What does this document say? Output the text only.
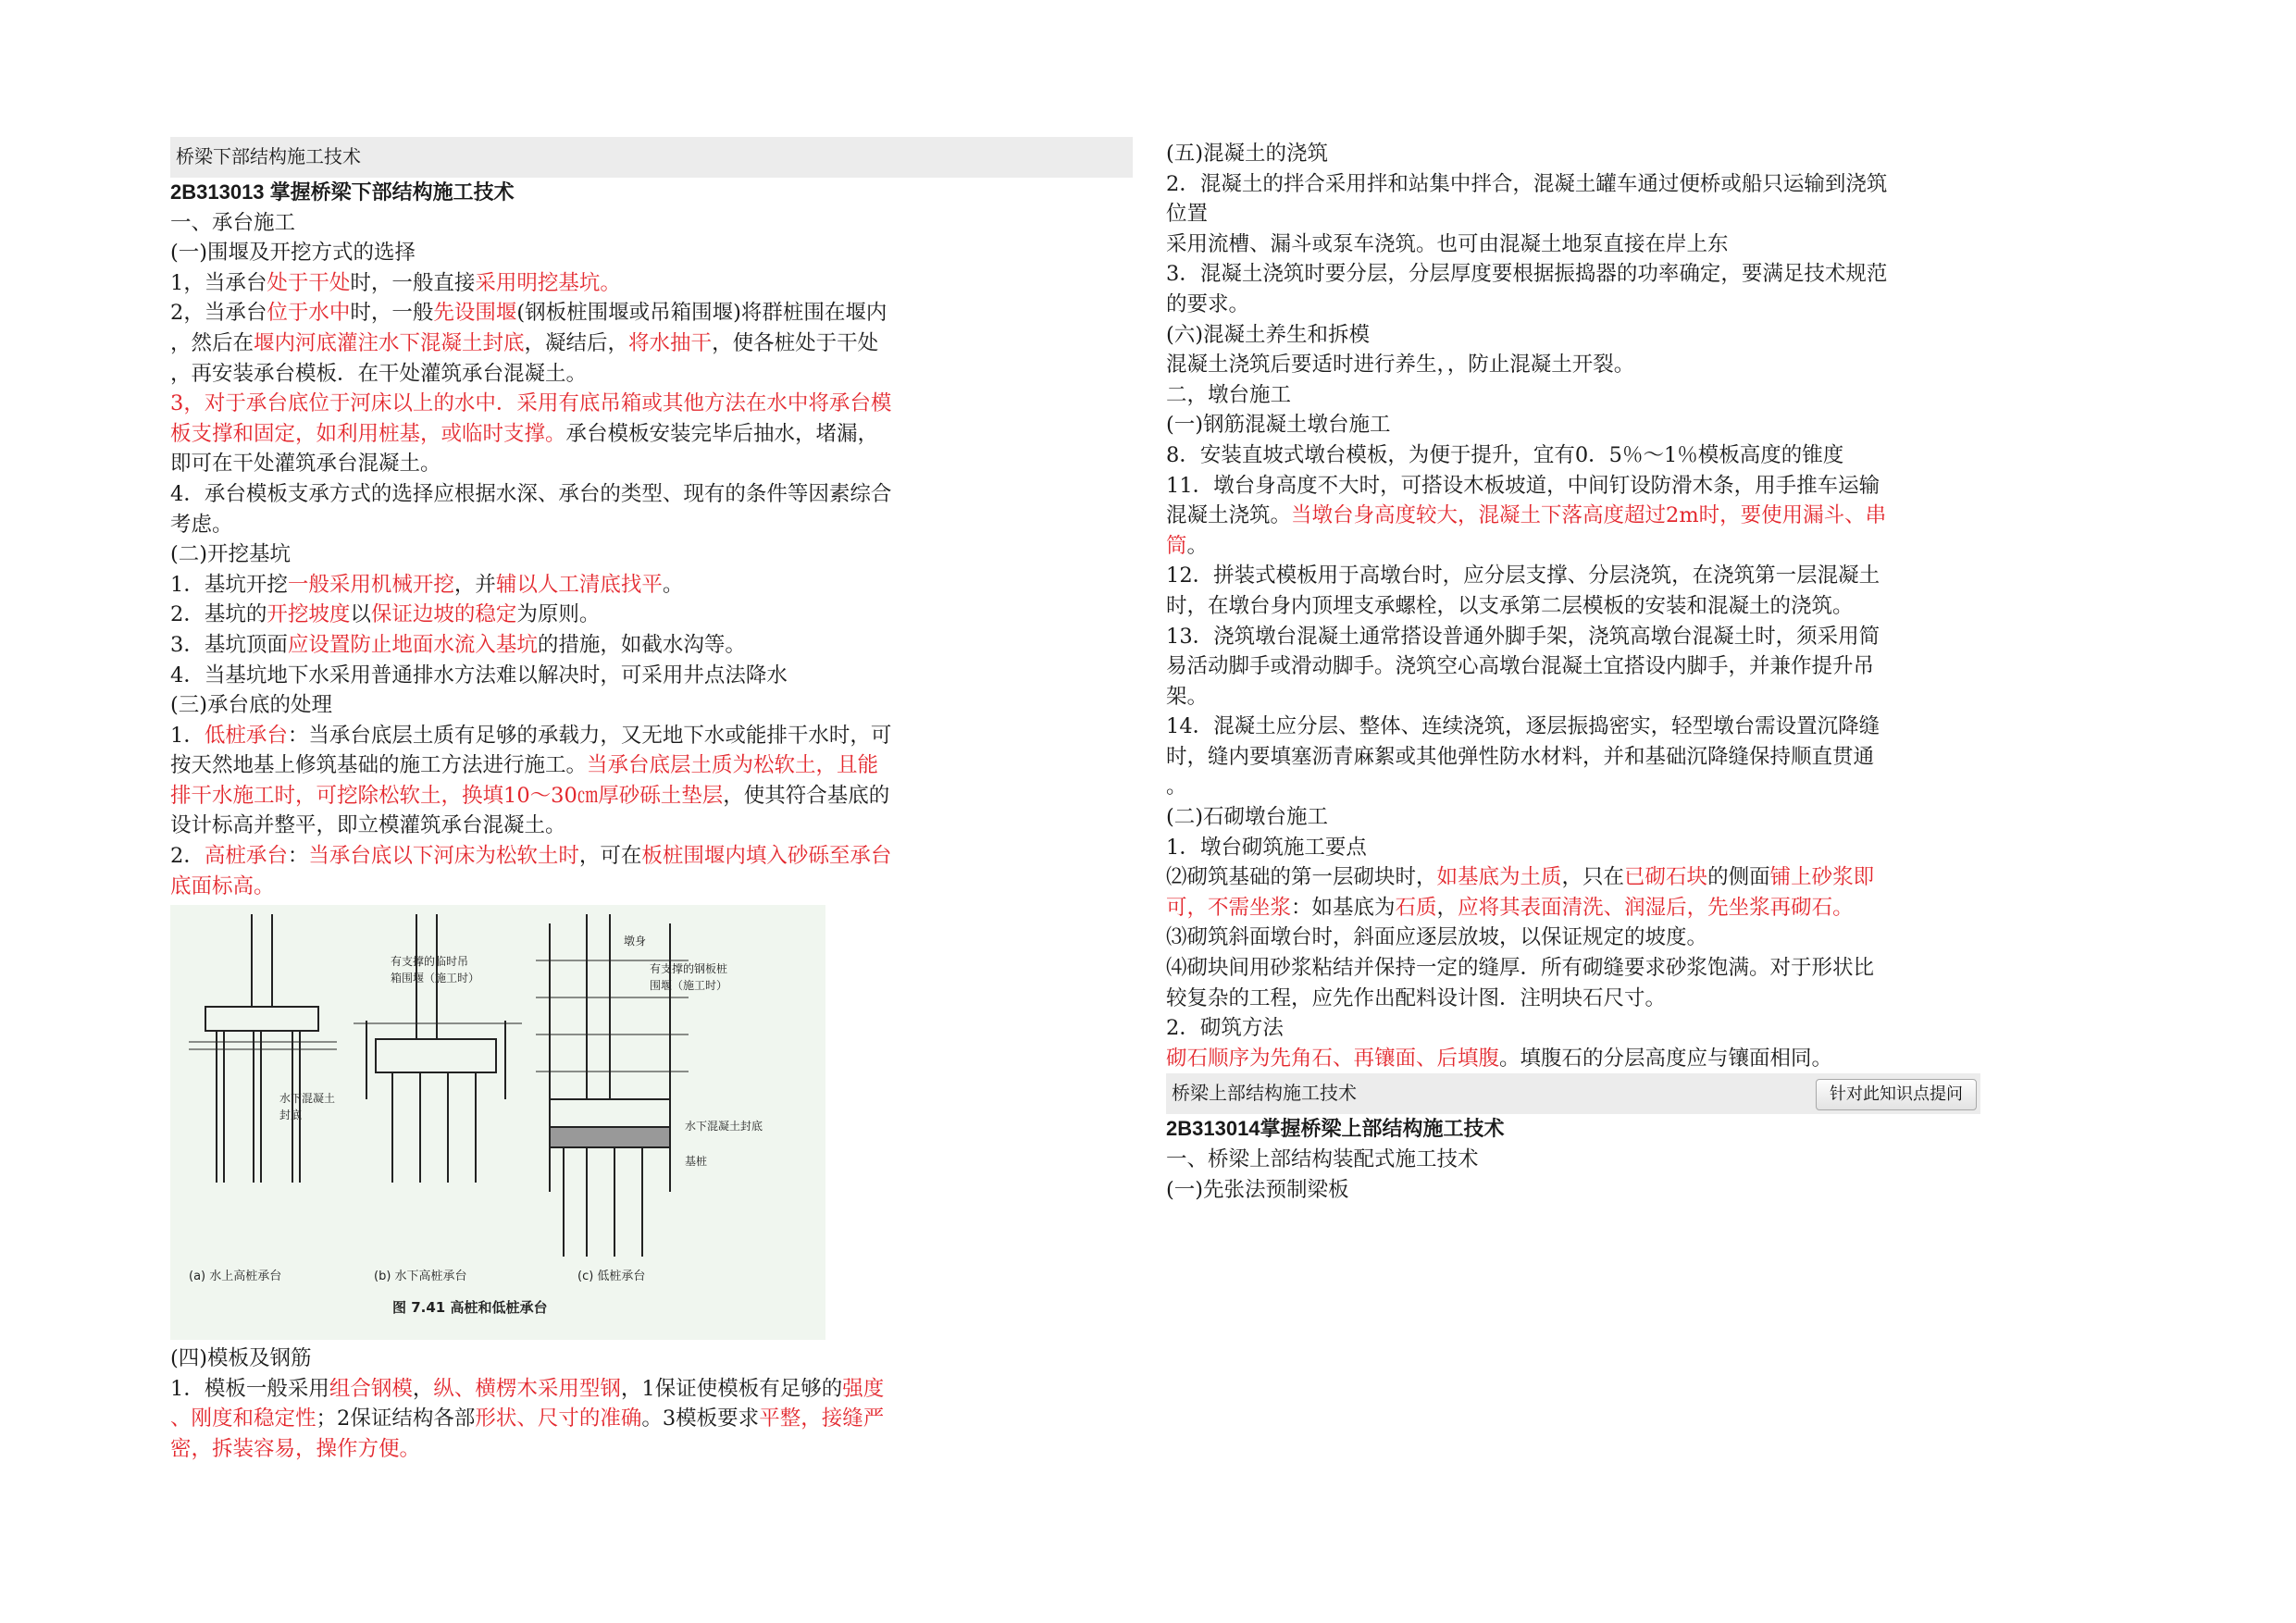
桥梁下部结构施工技术
2B313013 掌握桥梁下部结构施工技术
一、承台施工
(一)围堰及开挖方式的选择
1，当承台处于干处时，一般直接采用明挖基坑。
2，当承台位于水中时，一般先设围堰(钢板桩围堰或吊箱围堰)将群桩围在堰内
，然后在堰内河底灌注水下混凝土封底，凝结后，将水抽干，使各桩处于干处
，再安装承台模板．在干处灌筑承台混凝土。
3，对于承台底位于河床以上的水中．采用有底吊箱或其他方法在水中将承台模
板支撑和固定，如利用桩基，或临时支撑。承台模板安装完毕后抽水，堵漏，
即可在干处灌筑承台混凝土。
4．承台模板支承方式的选择应根据水深、承台的类型、现有的条件等因素综合
考虑。
(二)开挖基坑
1．基坑开挖一般采用机械开挖，并辅以人工清底找平。
2．基坑的开挖坡度以保证边坡的稳定为原则。
3．基坑顶面应设置防止地面水流入基坑的措施，如截水沟等。
4．当基坑地下水采用普通排水方法难以解决时，可采用井点法降水
(三)承台底的处理
1．低桩承台：当承台底层土质有足够的承载力，又无地下水或能排干水时，可
按天然地基上修筑基础的施工方法进行施工。当承台底层土质为松软土，且能
排干水施工时，可挖除松软土，换填10～30㎝厚砂砾土垫层，使其符合基底的
设计标高并整平，即立模灌筑承台混凝土。
2．高桩承台：当承台底以下河床为松软土时，可在板桩围堰内填入砂砾至承台
底面标高。
有支撑的临时吊
箱围堰（施工时）
水下混凝土
封底
墩身
有支撑的钢板桩
围堰（施工时）
水下混凝土封底
基桩
(a) 水上高桩承台	(b) 水下高桩承台	(c) 低桩承台
图 7.41 高桩和低桩承台
(四)模板及钢筋
1．模板一般采用组合钢模，纵、横楞木采用型钢，1保证使模板有足够的强度
、刚度和稳定性；2保证结构各部形状、尺寸的准确。3模板要求平整，接缝严
密，拆装容易，操作方便。
(五)混凝土的浇筑
2．混凝土的拌合采用拌和站集中拌合，混凝土罐车通过便桥或船只运输到浇筑
位置
采用流槽、漏斗或泵车浇筑。也可由混凝土地泵直接在岸上东
3．混凝土浇筑时要分层，分层厚度要根据振捣器的功率确定，要满足技术规范
的要求。
(六)混凝土养生和拆模
混凝土浇筑后要适时进行养生，，防止混凝土开裂。
二，墩台施工
(一)钢筋混凝土墩台施工
8．安装直坡式墩台模板，为便于提升，宜有0．5％～1％模板高度的锥度
11．墩台身高度不大时，可搭设木板坡道，中间钉设防滑木条，用手推车运输
混凝土浇筑。当墩台身高度较大，混凝土下落高度超过2m时，要使用漏斗、串
筒。
12．拼装式模板用于高墩台时，应分层支撑、分层浇筑，在浇筑第一层混凝土
时，在墩台身内顶埋支承螺栓，以支承第二层模板的安装和混凝土的浇筑。
13．浇筑墩台混凝土通常搭设普通外脚手架，浇筑高墩台混凝土时，须采用简
易活动脚手或滑动脚手。浇筑空心高墩台混凝土宜搭设内脚手，并兼作提升吊
架。
14．混凝土应分层、整体、连续浇筑，逐层振捣密实，轻型墩台需设置沉降缝
时，缝内要填塞沥青麻絮或其他弹性防水材料，并和基础沉降缝保持顺直贯通
。
(二)石砌墩台施工
1．墩台砌筑施工要点
⑵砌筑基础的第一层砌块时，如基底为土质，只在已砌石块的侧面铺上砂浆即
可，不需坐浆：如基底为石质，应将其表面清洗、润湿后，先坐浆再砌石。
⑶砌筑斜面墩台时，斜面应逐层放坡，以保证规定的坡度。
⑷砌块间用砂浆粘结并保持一定的缝厚．所有砌缝要求砂浆饱满。对于形状比
较复杂的工程，应先作出配料设计图．注明块石尺寸。
2．砌筑方法
砌石顺序为先角石、再镶面、后填腹。填腹石的分层高度应与镶面相同。
桥梁上部结构施工技术	针对此知识点提问
2B313014掌握桥梁上部结构施工技术
一、桥梁上部结构装配式施工技术
(一)先张法预制梁板
